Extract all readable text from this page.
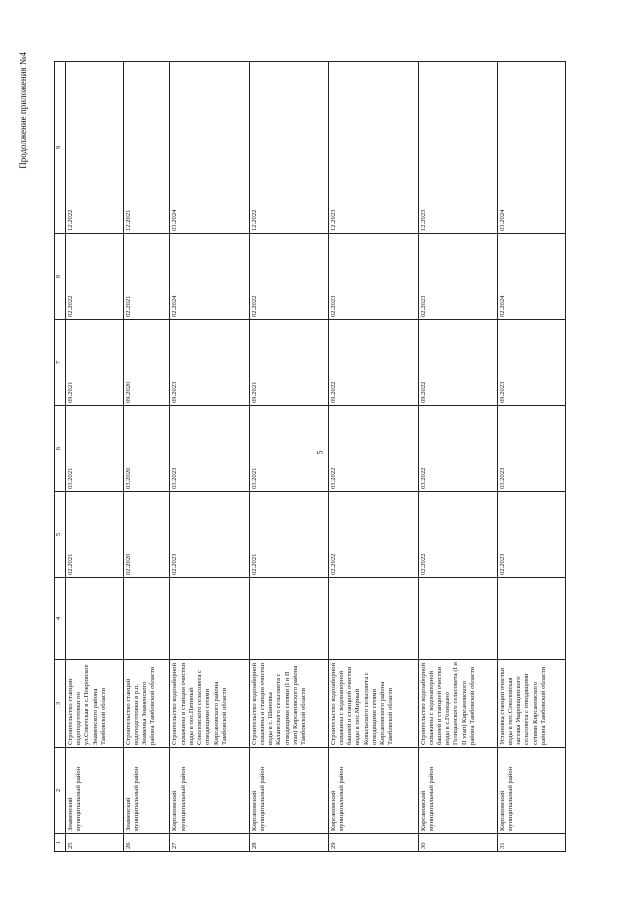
5
Продолжение приложения №4
1	2	3	4	5	6	7	8	9
25	Знаменский муниципальный район	Строительство станции водоподготовки по ул.Советская в с.Покровское Знаменского района Тамбовской области		02.2021	03.2021	09.2021	02.2022	12.2022
26	Знаменский муниципальный район	Строительство станций водоподготовки в р.п. Знаменка Знаменского района Тамбовской области		02.2020	03.2020	09.2020	02.2021	12.2021
27	Кирсановский муниципальный район	Строительство водозаборной скважины и станции очистки воды в пос.Пятиный Соколовского сельсовета с отводящими сетями Кирсановского района Тамбовской области		02.2023	03.2023	09.2023	02.2024	03.2024
28	Кирсановский муниципальный район	Строительство водозаборной скважины и станции очистки воды в с. Шиновка Калаисского сельсовета с отводящими сетями (I и II этап) Кирсановского района Тамбовской области		02.2021	03.2021	09.2021	02.2022	12.2022
29	Кирсановский муниципальный район	Строительство водозаборной скважины с водонапорной башней и станцией очистки воды в пос.Мирный Ковыльского сельсовета с отводящими сетями Кирсановского района Тамбовской области		02.2022	03.2022	09.2022	02.2023	12.2023
30	Кирсановский муниципальный район	Строительство водозаборной скважины с водонапорной башней и станцией очистки воды в с.Голицыно Голицынского сельсовета (I и II этап) Кирсановского района Тамбовской области		02.2022	03.2022	09.2022	02.2023	12.2023
31	Кирсановский муниципальный район	Установка станции очистки воды в пос.Соколовская застава Уваровщинского сельсовета с отводящими сетями Кирсановского района Тамбовской области		02.2023	03.2023	09.2023	02.2024	03.2024
